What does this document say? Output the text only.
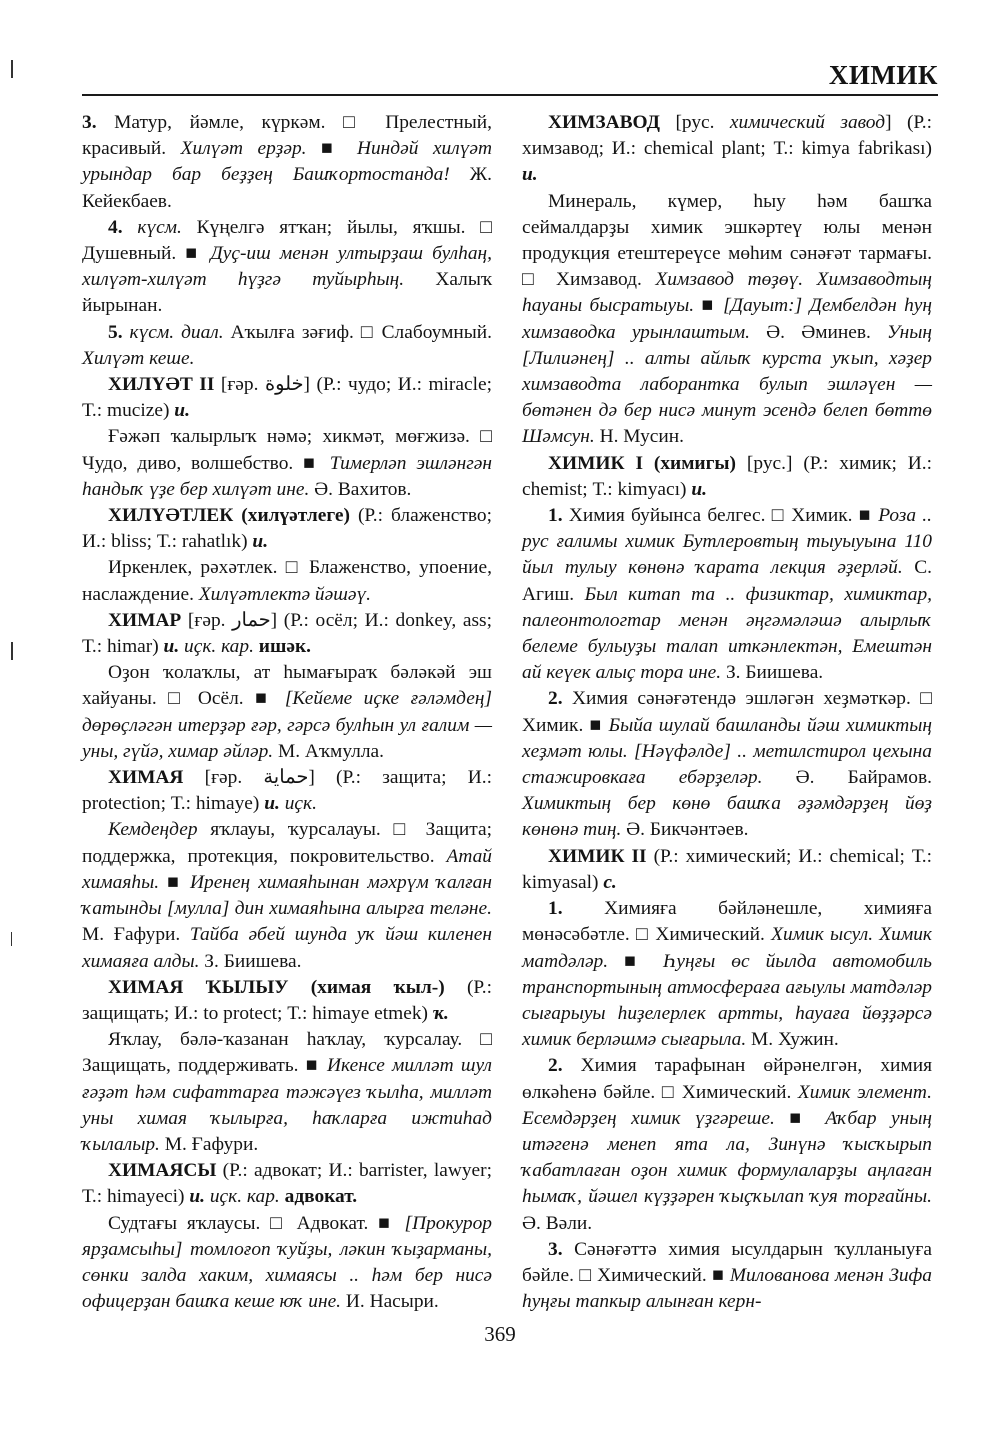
ХИМИК

3. Матур, йәмле, күркәм. □ Прелестный, красивый. Хилүәт ерҙәр. ■ Ниндәй хилүәт урындар бар беҙҙең Башҡортостанда! Ж. Кейекбаев.

4. күсм. Күңелгә ятҡан; йылы, яҡшы. □ Душевный. ■ Дуҫ-иш менән ултырҙаш булһаң, хилүәт-хилүәт һүҙгә туйырһың. Халыҡ йырынан.

5. күсм. диал. Аҡылға зәғиф. □ Слабоумный. Хилүәт кеше.

ХИЛҮӘТ II [ғәр. خلوة] (Р.: чудо; И.: miracle; Т.: mucize) и.

Ғәжәп ҡалырлыҡ нәмә; хикмәт, мөғжизә. □ Чудо, диво, волшебство. ■ Тимерләп эшләнгән һандыҡ үҙе бер хилүәт ине. Ә. Вахитов.

ХИЛҮӘТЛЕК (хилүәтлеге) (Р.: блаженство; И.: bliss; Т.: rahatlık) и.

Иркенлек, рәхәтлек. □ Блаженство, упоение, наслаждение. Хилүәтлектә йәшәү.

ХИМАР [ғәр. حمار] (Р.: осёл; И.: donkey, ass; Т.: himar) и. иҫк. кар. ишәк.

Оҙон ҡолаҡлы, ат һымағыраҡ бәләкәй эш хайуаны. □ Осёл. ■ [Кейеме иҫке ғәләмдең] дөрөҫләгән итерҙәр ғәр, гәрсә булһын ул ғалим — уны, гүйә, химар әйләр. М. Аҡмулла.

ХИМАЯ [ғәр. حماية] (Р.: защита; И.: protection; Т.: himaye) и. иҫк.

Кемдеңдер яҡлауы, ҡурсалауы. □ Защита; поддержка, протекция, покровительство. Атай химаяһы. ■ Иренең химаяһынан мәхрүм ҡалған ҡатынды [мулла] дин химаяһына алырға теләне. М. Ғафури. Тайба әбей шунда уҡ йәш киленен химаяға алды. З. Биишева.

ХИМАЯ ҠЫЛЫУ (химая ҡыл-) (Р.: защищать; И.: to protect; Т.: himaye etmek) ҡ.

Яҡлау, бәлә-ҡазанан һаҡлау, ҡурсалау. □ Защищать, поддерживать. ■ Икенсе милләт шул ғәҙәт һәм сифаттарға тәжәүез ҡылһа, милләт уны химая ҡылырға, һаҡларға ижтиһад ҡылалыр. М. Ғафури.

ХИМАЯСЫ (Р.: адвокат; И.: barrister, lawyer; Т.: himayeci) и. иҫк. кар. адвокат.

Судтағы яҡлаусы. □ Адвокат. ■ [Прокурор ярҙамсыһы] томлоғоп ҡуйҙы, ләкин ҡыҙарманы, сөнки залда хаким, химаясы .. һәм бер нисә офицерҙан башҡа кеше юҡ ине. И. Насыри.

ХИМЗАВОД [рус. химический завод] (Р.: химзавод; И.: chemical plant; Т.: kimya fabrikası) и.

Минераль, күмер, һыу һәм башҡа сеймалдарҙы химик эшкәртеү юлы менән продукция етештереүсе мөһим сәнәғәт тармағы. □ Химзавод. Химзавод төҙөү. Химзаводтың һауаны бысратыуы. ■ [Дауыт:] Дембелдән һуң химзаводка урынлаштым. Ә. Әминев. Уның [Лилиәнең] .. алты айлыҡ курста уҡып, хәҙер химзаводта лаборантка булып эшләүен — бөтәнен дә бер нисә минут эсендә белеп бөттө Шәмсун. Н. Мусин.

ХИМИК I (химигы) [рус.] (Р.: химик; И.: chemist; Т.: kimyacı) и.

1. Химия буйынса белгес. □ Химик. ■ Роза .. рус ғалимы химик Бутлеровтың тыуыуына 110 йыл тулыу көнөнә ҡарата лекция әҙерләй. С. Агиш. Был китап та .. физиктар, химиктар, палеонтологтар менән әңгәмәләшә алырлыҡ белеме булыуҙы талап иткәнлектән, Емештән ай кеүек алыҫ тора ине. З. Биишева.

2. Химия сәнәғәтендә эшләгән хеҙмәткәр. □ Химик. ■ Быйа шулай башланды йәш химиктың хеҙмәт юлы. [Нәүфәлде] .. метилстирол цехына стажировкаға ебәрҙеләр. Ә. Байрамов. Химиктың бер көнө башҡа әҙәмдәрҙең йөҙ көнөнә тиң. Ә. Бикчәнтәев.

ХИМИК II (Р.: химический; И.: chemical; Т.: kimyasal) с.

1. Химияға бәйләнешле, химияға мөнәсәбәтле. □ Химический. Химик ысул. Химик матдәләр. ■ Һуңғы өс йылда автомобиль транспортының атмосфераға ағыулы матдәләр сығарыуы һиҙелерлек артты, һауаға йөҙҙәрсә химик берләшмә сығарыла. М. Хужин.

2. Химия тарафынан өйрәнелгән, химия өлкәһенә бәйле. □ Химический. Химик элемент. Есемдәрҙең химик үҙгәреше. ■ Аҡбар уның итәгенә менеп ята ла, Зинүнә ҡысҡырып ҡабатлаған оҙон химик формулаларҙы аңлаған һымаҡ, йәшел күҙҙәрен ҡыҫҡылап ҡуя торғайны. Ә. Вәли.

3. Сәнәғәттә химия ысулдарын ҡулланыуға бәйле. □ Химический. ■ Миловановa менән Зифа һуңғы тапкыр алынған керн-

369
